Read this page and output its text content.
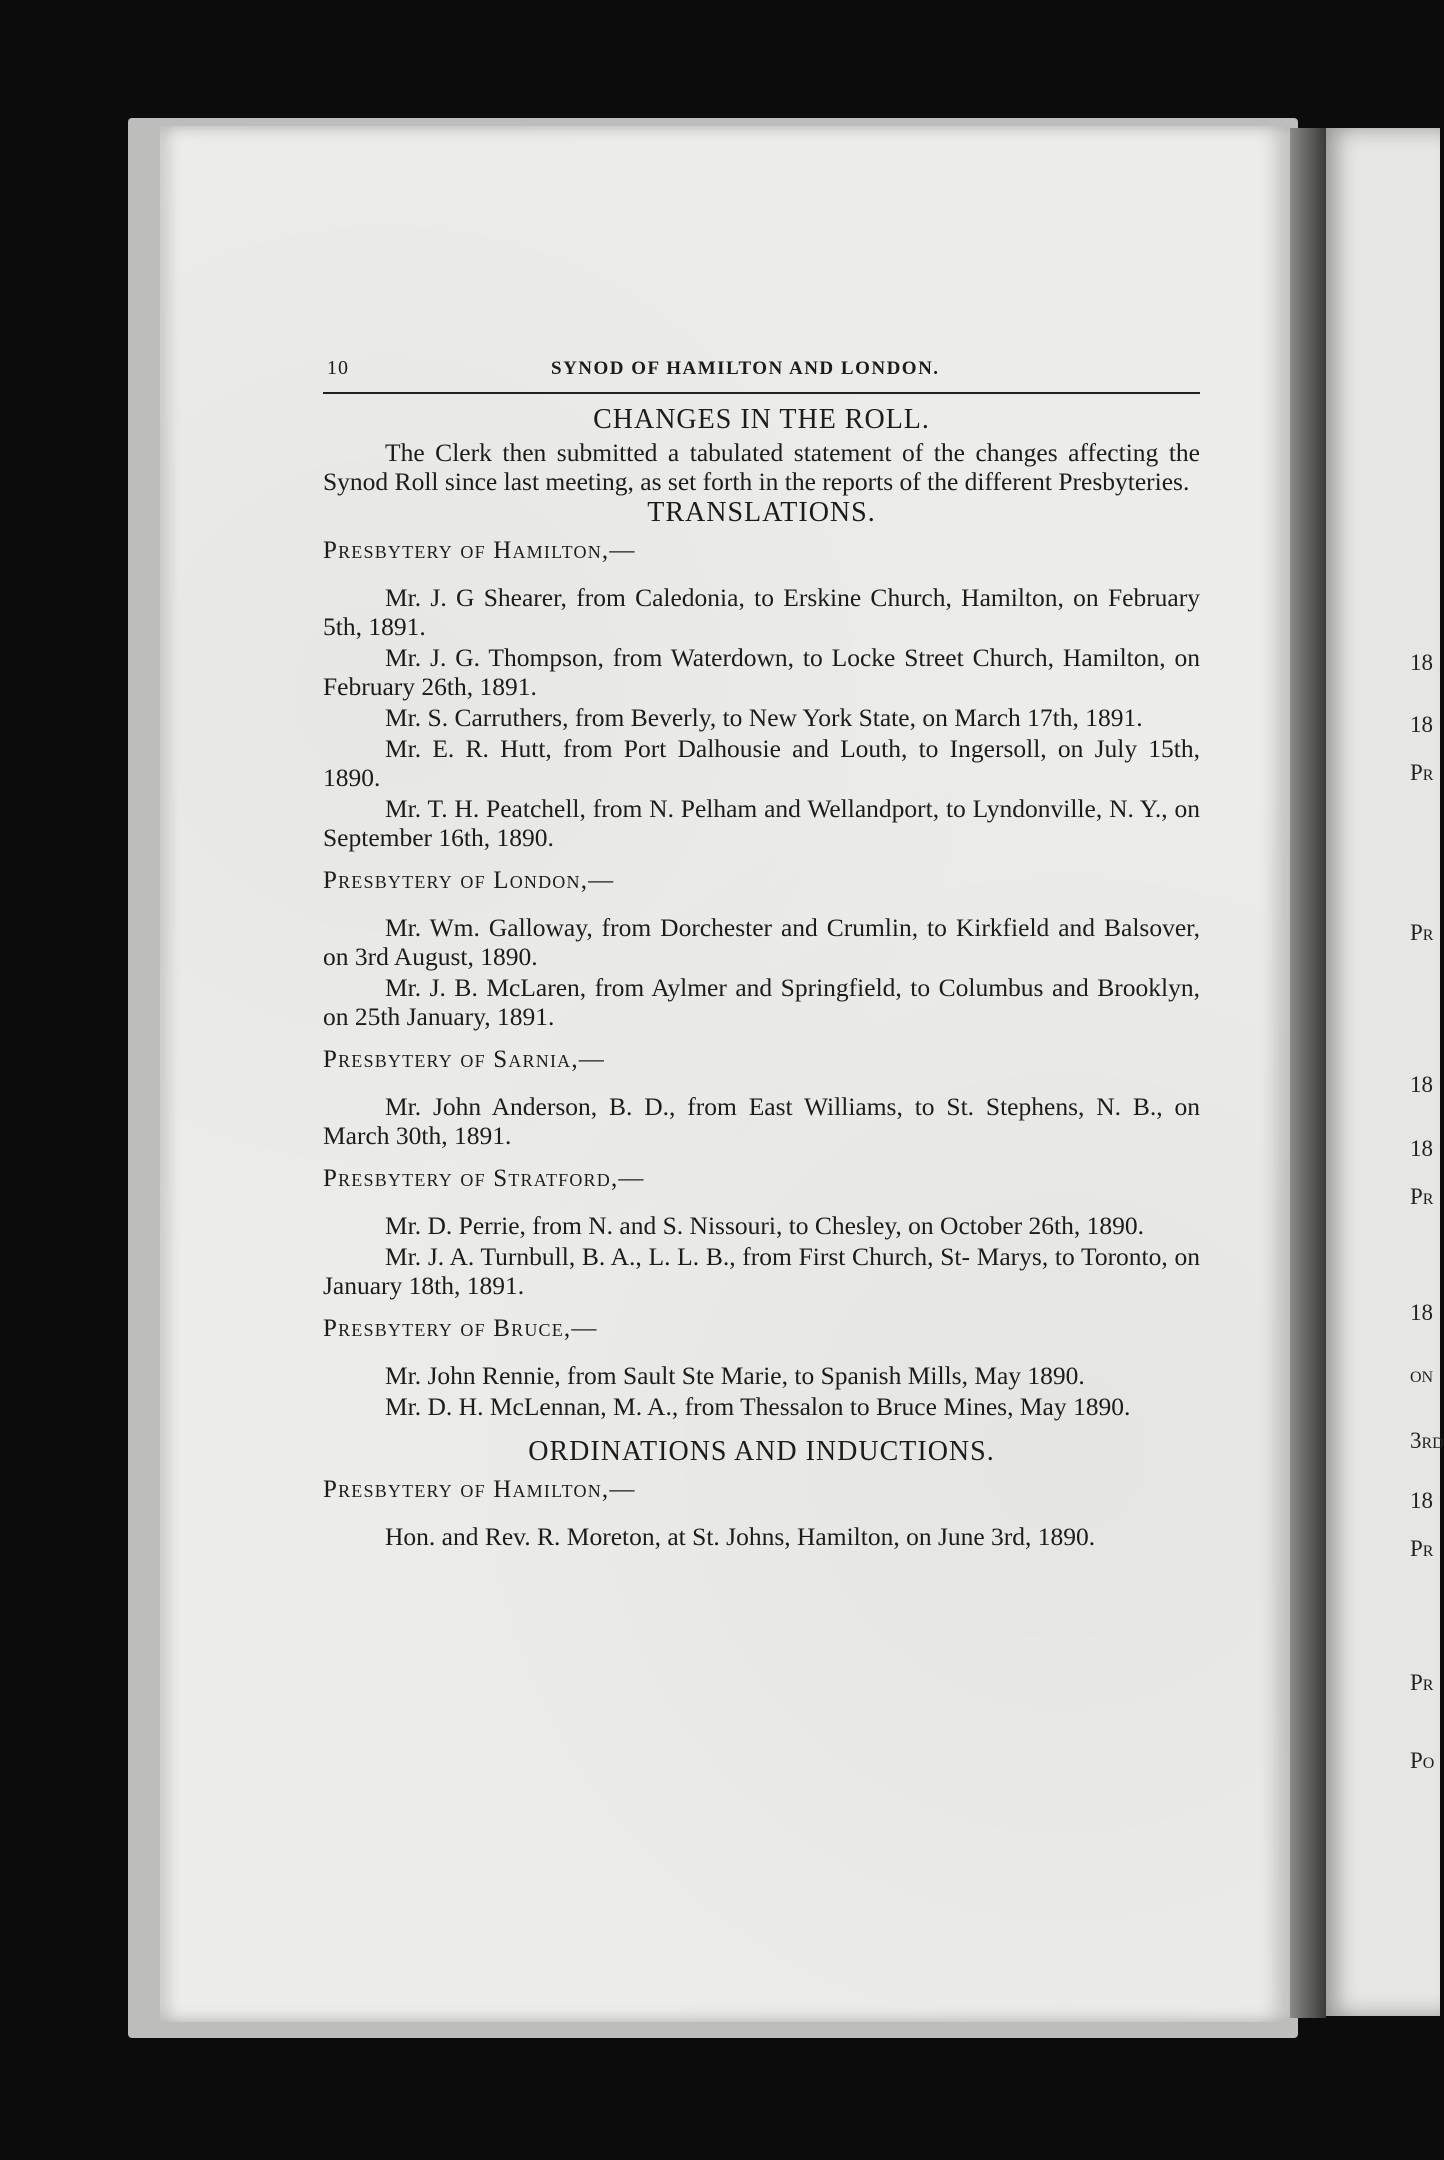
18
18
Pr
Pr
18
18
Pr
18
on
3rd
18
Pr
Pr
Po
10	SYNOD OF HAMILTON AND LONDON.
CHANGES IN THE ROLL.

The Clerk then submitted a tabulated statement of the changes affecting the Synod Roll since last meeting, as set forth in the reports of the different Presbyteries.

TRANSLATIONS.
Presbytery of Hamilton,—

Mr. J. G Shearer, from Caledonia, to Erskine Church, Hamilton, on February 5th, 1891.

Mr. J. G. Thompson, from Waterdown, to Locke Street Church, Hamilton, on February 26th, 1891.

Mr. S. Carruthers, from Beverly, to New York State, on March 17th, 1891.

Mr. E. R. Hutt, from Port Dalhousie and Louth, to Ingersoll, on July 15th, 1890.

Mr. T. H. Peatchell, from N. Pelham and Wellandport, to Lyndonville, N. Y., on September 16th, 1890.

Presbytery of London,—

Mr. Wm. Galloway, from Dorchester and Crumlin, to Kirkfield and Balsover, on 3rd August, 1890.

Mr. J. B. McLaren, from Aylmer and Springfield, to Columbus and Brooklyn, on 25th January, 1891.

Presbytery of Sarnia,—

Mr. John Anderson, B. D., from East Williams, to St. Stephens, N. B., on March 30th, 1891.

Presbytery of Stratford,—

Mr. D. Perrie, from N. and S. Nissouri, to Chesley, on October 26th, 1890.

Mr. J. A. Turnbull, B. A., L. L. B., from First Church, St- Marys, to Toronto, on January 18th, 1891.

Presbytery of Bruce,—

Mr. John Rennie, from Sault Ste Marie, to Spanish Mills, May 1890.

Mr. D. H. McLennan, M. A., from Thessalon to Bruce Mines, May 1890.

ORDINATIONS AND INDUCTIONS.
Presbytery of Hamilton,—

Hon. and Rev. R. Moreton, at St. Johns, Hamilton, on June 3rd, 1890.
